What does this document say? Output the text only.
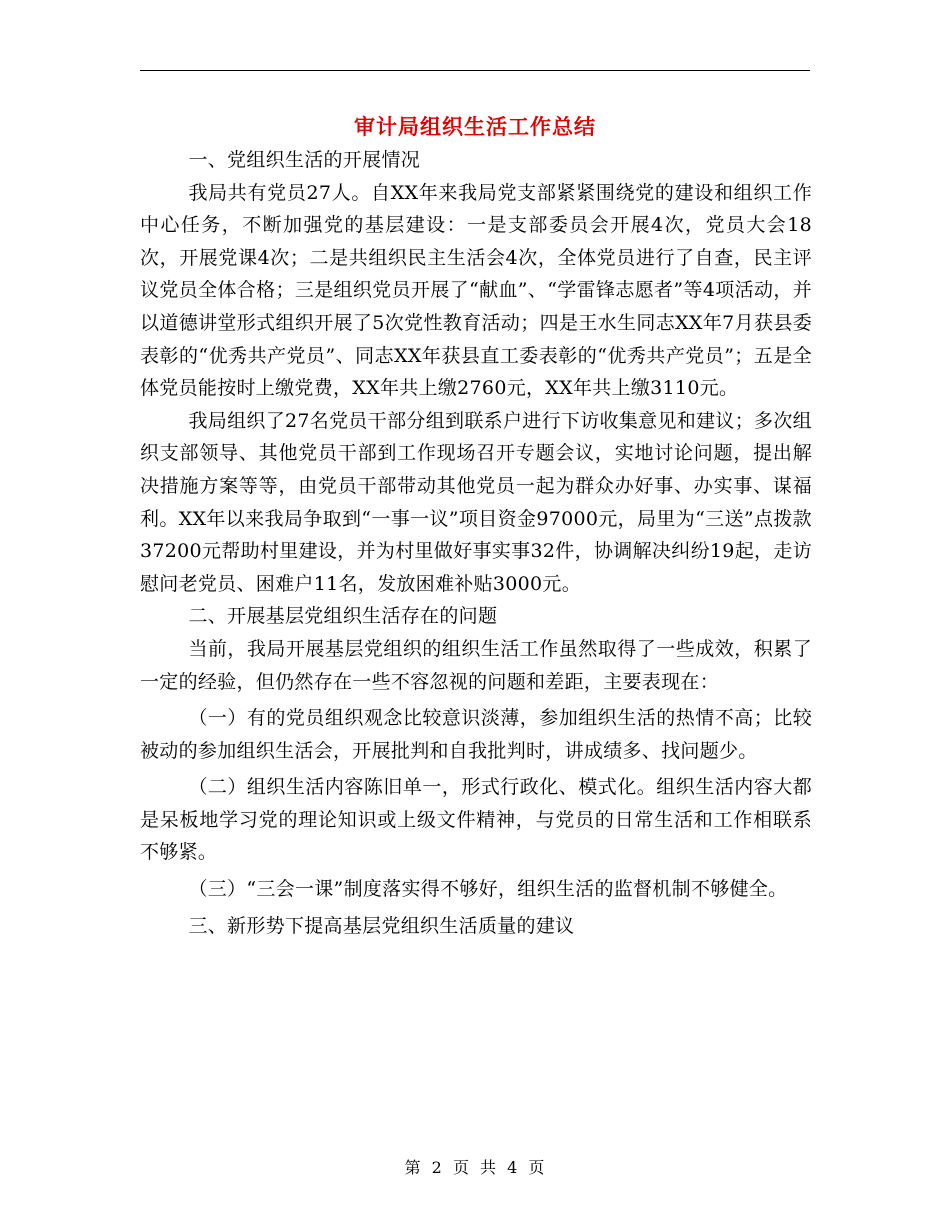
审计局组织生活工作总结

一、党组织生活的开展情况

我局共有党员27人。自XX年来我局党支部紧紧围绕党的建设和组织工作中心任务，不断加强党的基层建设：一是支部委员会开展4次，党员大会18次，开展党课4次；二是共组织民主生活会4次，全体党员进行了自查，民主评议党员全体合格；三是组织党员开展了“献血”、“学雷锋志愿者”等4项活动，并以道德讲堂形式组织开展了5次党性教育活动；四是王水生同志XX年7月获县委表彰的“优秀共产党员”、同志XX年获县直工委表彰的“优秀共产党员”；五是全体党员能按时上缴党费，XX年共上缴2760元，XX年共上缴3110元。

我局组织了27名党员干部分组到联系户进行下访收集意见和建议；多次组织支部领导、其他党员干部到工作现场召开专题会议，实地讨论问题，提出解决措施方案等等，由党员干部带动其他党员一起为群众办好事、办实事、谋福利。XX年以来我局争取到“一事一议”项目资金97000元，局里为“三送”点拨款37200元帮助村里建设，并为村里做好事实事32件，协调解决纠纷19起，走访慰问老党员、困难户11名，发放困难补贴3000元。

二、开展基层党组织生活存在的问题

当前，我局开展基层党组织的组织生活工作虽然取得了一些成效，积累了一定的经验，但仍然存在一些不容忽视的问题和差距，主要表现在：

（一）有的党员组织观念比较意识淡薄，参加组织生活的热情不高；比较被动的参加组织生活会，开展批判和自我批判时，讲成绩多、找问题少。

（二）组织生活内容陈旧单一，形式行政化、模式化。组织生活内容大都是呆板地学习党的理论知识或上级文件精神，与党员的日常生活和工作相联系不够紧。

（三）“三会一课”制度落实得不够好，组织生活的监督机制不够健全。

三、新形势下提高基层党组织生活质量的建议

第 2 页 共 4 页
